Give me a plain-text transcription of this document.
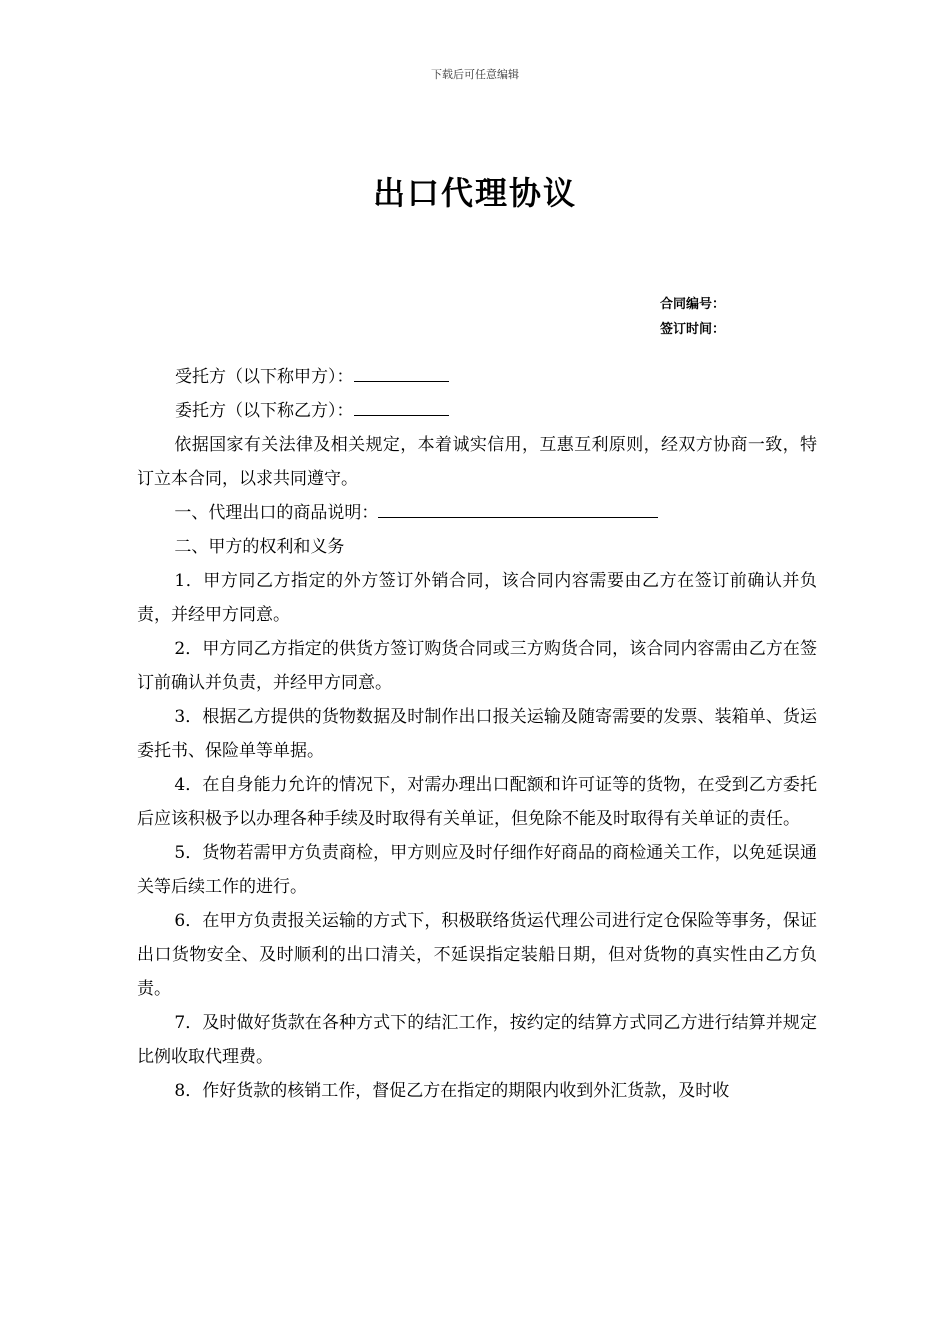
下载后可任意编辑
出口代理协议
合同编号：
签订时间：
受托方（以下称甲方）：
委托方（以下称乙方）：

依据国家有关法律及相关规定，本着诚实信用，互惠互利原则，经双方协商一致，特订立本合同，以求共同遵守。

一、代理出口的商品说明：

二、甲方的权利和义务

1．甲方同乙方指定的外方签订外销合同，该合同内容需要由乙方在签订前确认并负责，并经甲方同意。

2．甲方同乙方指定的供货方签订购货合同或三方购货合同，该合同内容需由乙方在签订前确认并负责，并经甲方同意。

3．根据乙方提供的货物数据及时制作出口报关运输及随寄需要的发票、装箱单、货运委托书、保险单等单据。

4．在自身能力允许的情况下，对需办理出口配额和许可证等的货物，在受到乙方委托后应该积极予以办理各种手续及时取得有关单证，但免除不能及时取得有关单证的责任。

5．货物若需甲方负责商检，甲方则应及时仔细作好商品的商检通关工作，以免延误通关等后续工作的进行。

6．在甲方负责报关运输的方式下，积极联络货运代理公司进行定仓保险等事务，保证出口货物安全、及时顺利的出口清关，不延误指定装船日期，但对货物的真实性由乙方负责。

7．及时做好货款在各种方式下的结汇工作，按约定的结算方式同乙方进行结算并规定比例收取代理费。

8．作好货款的核销工作，督促乙方在指定的期限内收到外汇货款，及时收
